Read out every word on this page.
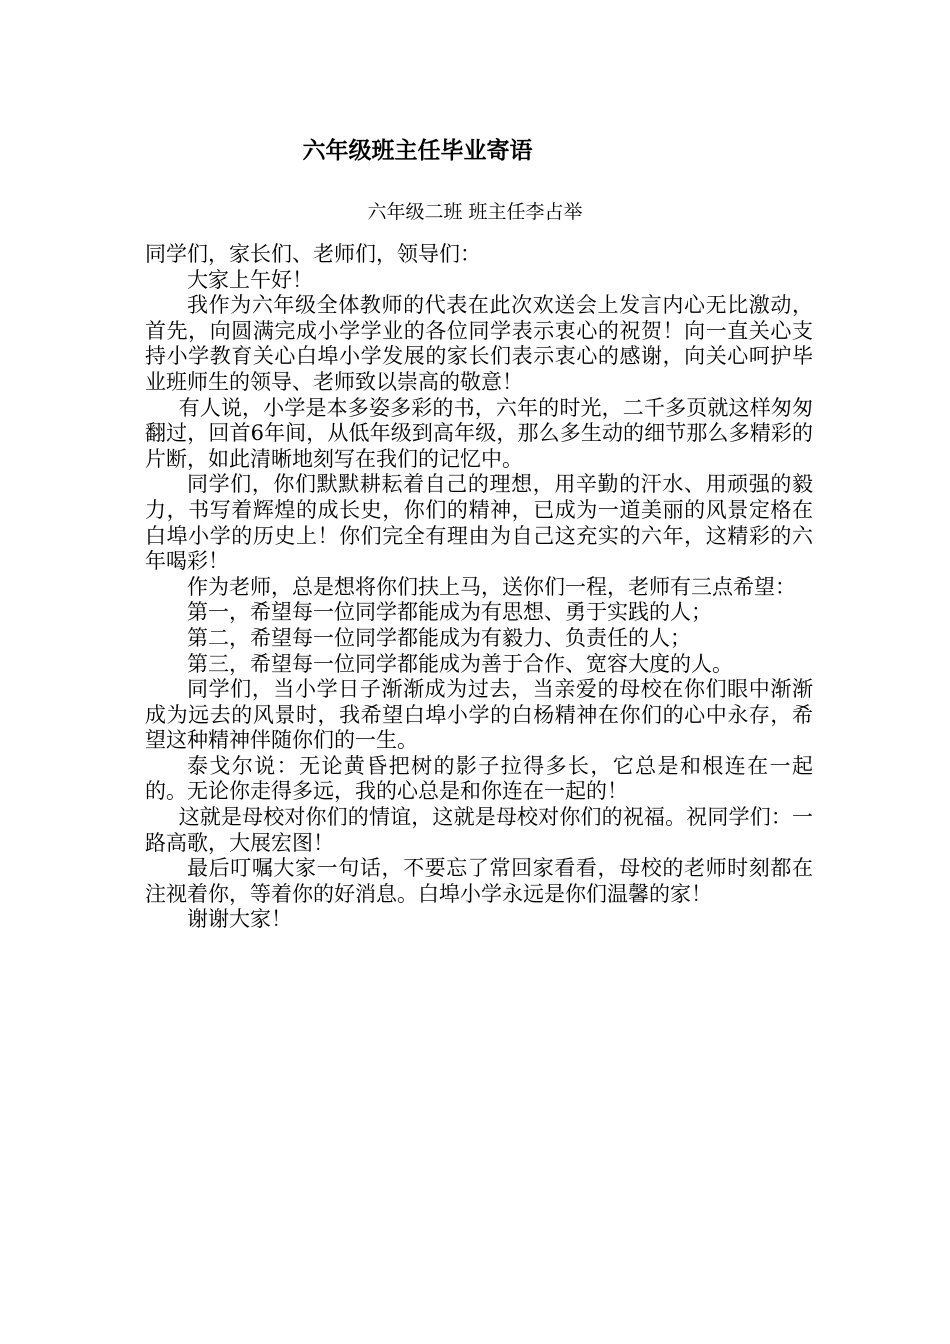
六年级班主任毕业寄语

六年级二班 班主任李占举

同学们，家长们、老师们，领导们：

大家上午好！

我作为六年级全体教师的代表在此次欢送会上发言内心无比激动，首先，向圆满完成小学学业的各位同学表示衷心的祝贺！向一直关心支持小学教育关心白埠小学发展的家长们表示衷心的感谢，向关心呵护毕业班师生的领导、老师致以崇高的敬意！

有人说，小学是本多姿多彩的书，六年的时光，二千多页就这样匆匆翻过，回首6年间，从低年级到高年级，那么多生动的细节那么多精彩的片断，如此清晰地刻写在我们的记忆中。

同学们，你们默默耕耘着自己的理想，用辛勤的汗水、用顽强的毅力，书写着辉煌的成长史，你们的精神，已成为一道美丽的风景定格在白埠小学的历史上！你们完全有理由为自己这充实的六年，这精彩的六年喝彩！

作为老师，总是想将你们扶上马，送你们一程，老师有三点希望：

第一，希望每一位同学都能成为有思想、勇于实践的人；

第二，希望每一位同学都能成为有毅力、负责任的人；

第三，希望每一位同学都能成为善于合作、宽容大度的人。

同学们，当小学日子渐渐成为过去，当亲爱的母校在你们眼中渐渐成为远去的风景时，我希望白埠小学的白杨精神在你们的心中永存，希望这种精神伴随你们的一生。

泰戈尔说：无论黄昏把树的影子拉得多长，它总是和根连在一起的。无论你走得多远，我的心总是和你连在一起的！

这就是母校对你们的情谊，这就是母校对你们的祝福。祝同学们：一路高歌，大展宏图！

最后叮嘱大家一句话，不要忘了常回家看看，母校的老师时刻都在注视着你，等着你的好消息。白埠小学永远是你们温馨的家！

谢谢大家！
